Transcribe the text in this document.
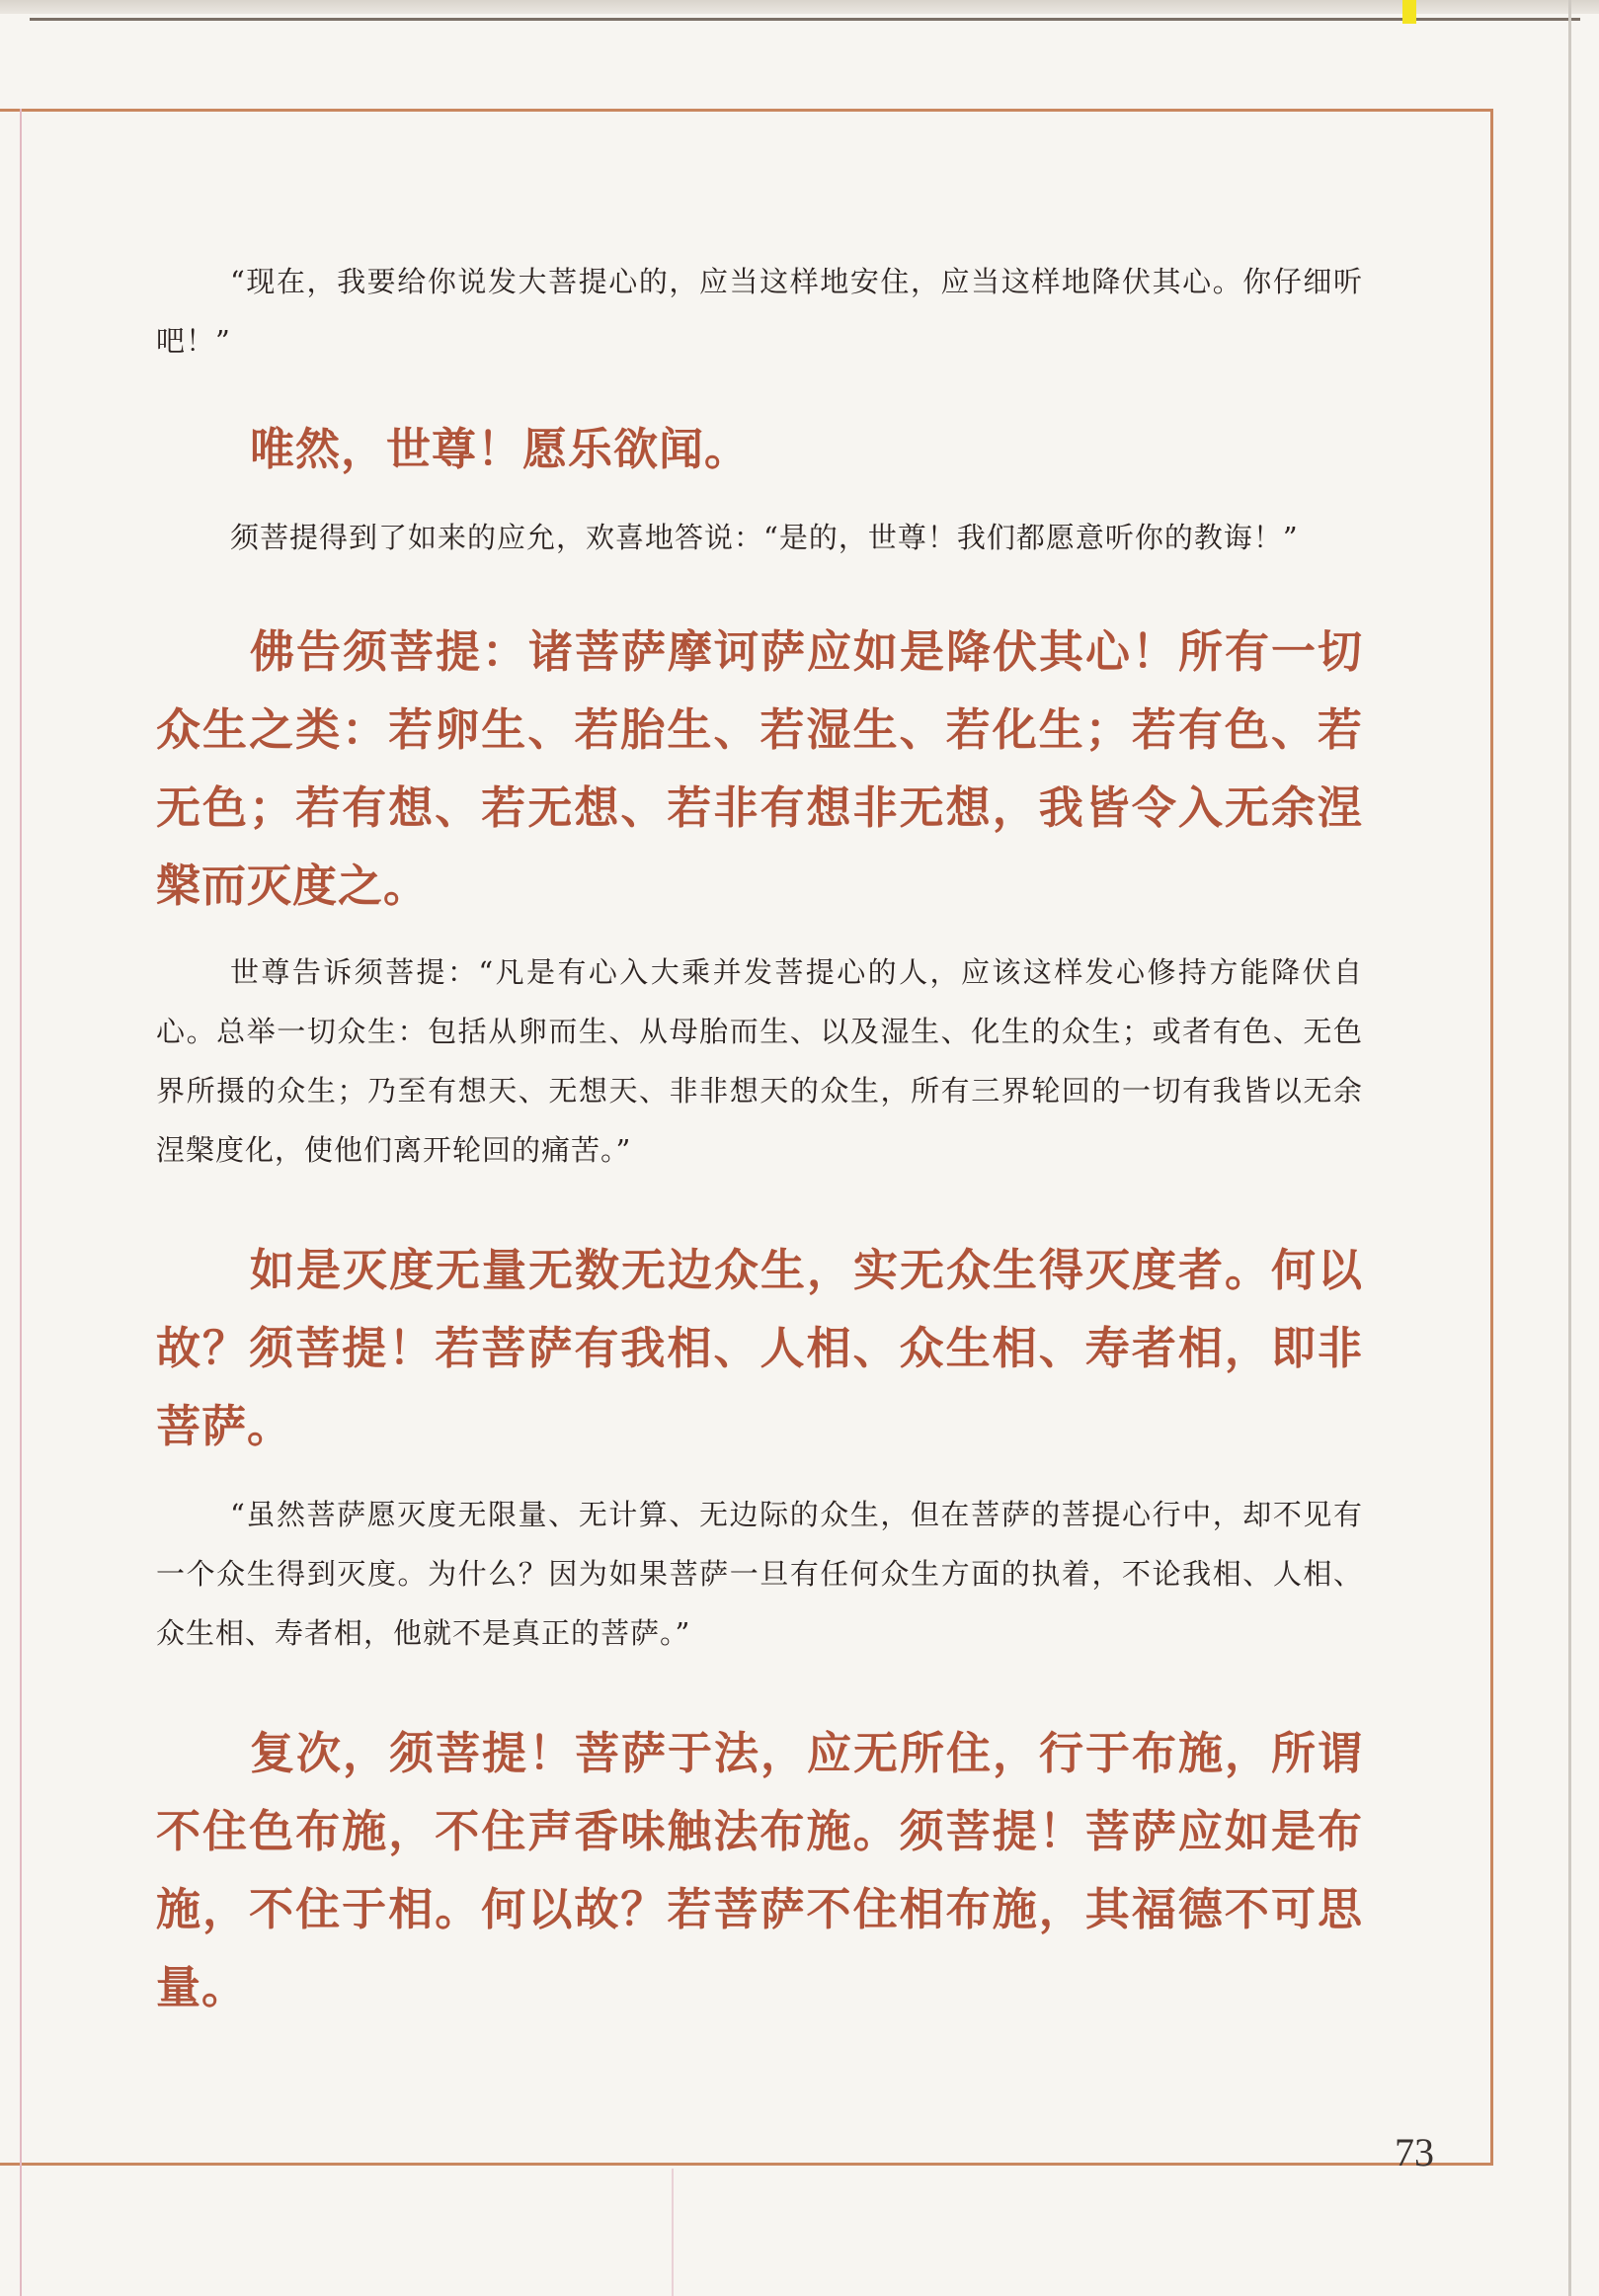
“现在，我要给你说发大菩提心的，应当这样地安住，应当这样地降伏其心。你仔细听吧！”

唯然，世尊！愿乐欲闻。

须菩提得到了如来的应允，欢喜地答说：“是的，世尊！我们都愿意听你的教诲！”

佛告须菩提：诸菩萨摩诃萨应如是降伏其心！所有一切众生之类：若卵生、若胎生、若湿生、若化生；若有色、若无色；若有想、若无想、若非有想非无想，我皆令入无余涅槃而灭度之。

世尊告诉须菩提：“凡是有心入大乘并发菩提心的人，应该这样发心修持方能降伏自心。总举一切众生：包括从卵而生、从母胎而生、以及湿生、化生的众生；或者有色、无色界所摄的众生；乃至有想天、无想天、非非想天的众生，所有三界轮回的一切有我皆以无余涅槃度化，使他们离开轮回的痛苦。”

如是灭度无量无数无边众生，实无众生得灭度者。何以故？须菩提！若菩萨有我相、人相、众生相、寿者相，即非菩萨。

“虽然菩萨愿灭度无限量、无计算、无边际的众生，但在菩萨的菩提心行中，却不见有一个众生得到灭度。为什么？因为如果菩萨一旦有任何众生方面的执着，不论我相、人相、众生相、寿者相，他就不是真正的菩萨。”

复次，须菩提！菩萨于法，应无所住，行于布施，所谓不住色布施，不住声香味触法布施。须菩提！菩萨应如是布施，不住于相。何以故？若菩萨不住相布施，其福德不可思量。

73
